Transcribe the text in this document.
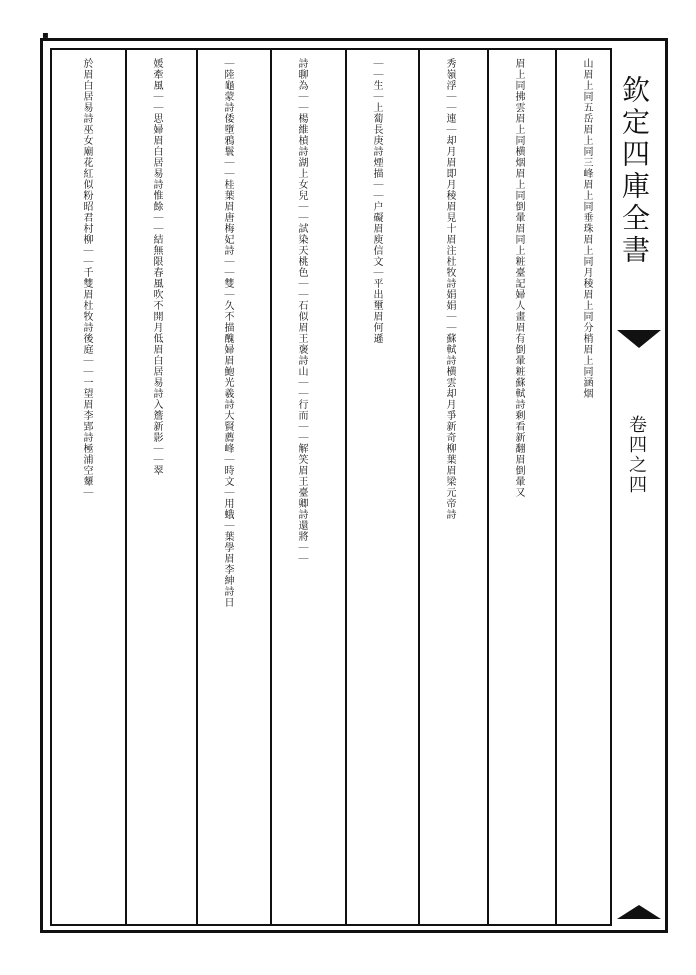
▪
欽定四庫全書
卷四之四
山眉上同五岳眉上同三峰眉上同垂珠眉上同月稜眉上同分梢眉上同涵烟
眉上同拂雲眉上同横烟眉上同倒暈眉同上粧臺記婦人畫眉有倒暈粧蘇軾詩剩看新翻眉倒暈又
秀嶺浮｜｜連｜却月眉即月稜眉見十眉注杜牧詩娟娟｜｜蘇軾詩横雲却月爭新奇柳葉眉梁元帝詩
｜｜生｜上蔔長庚詩煙描｜｜户礙眉庾信文｜平出壐眉何遜
詩聊為｜｜楊維楨詩湖上女兒｜｜試染天桃色｜｜石似眉王褒詩山｜｜行而｜｜解笑眉王臺卿詩還將｜｜
｜陸龜蒙詩倭墮鴉鬟｜｜桂葉眉唐梅妃詩｜｜雙｜久不描醜婦眉鮑光羲詩大賢薦峰｜時文｜用蛾｜葉學眉李紳詩日
媛牽風｜｜思婦眉白居易詩惟餘｜｜結無限春風吹不開月低眉白居易詩入簷新影｜｜翠
於眉白居易詩巫女廟花紅似粉昭君村柳｜｜千雙眉杜牧詩後庭｜｜一望眉李郢詩極浦空顰｜
